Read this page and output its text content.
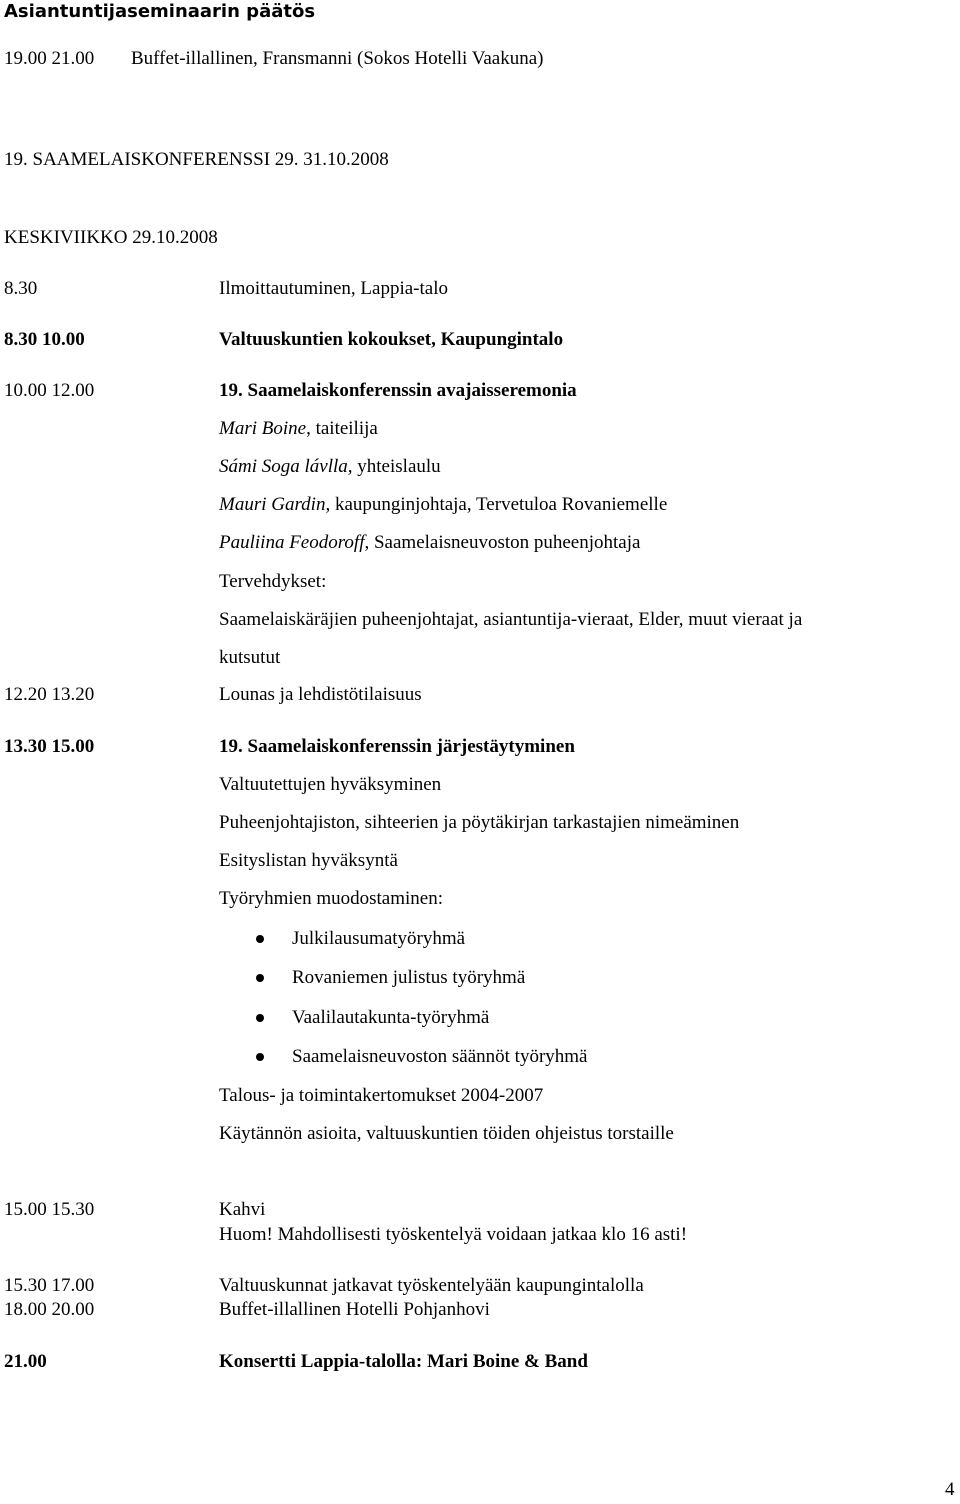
Asiantuntijaseminaarin päätös
19.00 21.00 Buffet-illallinen, Fransmanni (Sokos Hotelli Vaakuna)
19. SAAMELAISKONFERENSSI 29. 31.10.2008
KESKIVIIKKO 29.10.2008
8.30	Ilmoittautuminen, Lappia-talo
8.30 10.00	Valtuuskuntien kokoukset, Kaupungintalo
10.00 12.00	19. Saamelaiskonferenssin avajaisseremonia
Mari Boine, taiteilija
Sámi Soga lávlla, yhteislaulu
Mauri Gardin, kaupunginjohtaja, Tervetuloa Rovaniemelle
Pauliina Feodoroff, Saamelaisneuvoston puheenjohtaja
Tervehdykset:
Saamelaiskäräjien puheenjohtajat, asiantuntija-vieraat, Elder, muut vieraat ja
kutsutut
12.20 13.20	Lounas ja lehdistötilaisuus
13.30 15.00	19. Saamelaiskonferenssin järjestäytyminen
Valtuutettujen hyväksyminen
Puheenjohtajiston, sihteerien ja pöytäkirjan tarkastajien nimeäminen
Esityslistan hyväksyntä
Työryhmien muodostaminen:
Julkilausumatyöryhmä
Rovaniemen julistus työryhmä
Vaalilautakunta-työryhmä
Saamelaisneuvoston säännöt työryhmä
Talous- ja toimintakertomukset 2004-2007
Käytännön asioita, valtuuskuntien töiden ohjeistus torstaille
15.00 15.30	Kahvi
Huom! Mahdollisesti työskentelyä voidaan jatkaa klo 16 asti!
15.30 17.00	Valtuuskunnat jatkavat työskentelyään kaupungintalolla
18.00 20.00	Buffet-illallinen Hotelli Pohjanhovi
21.00	Konsertti Lappia-talolla: Mari Boine & Band
4
